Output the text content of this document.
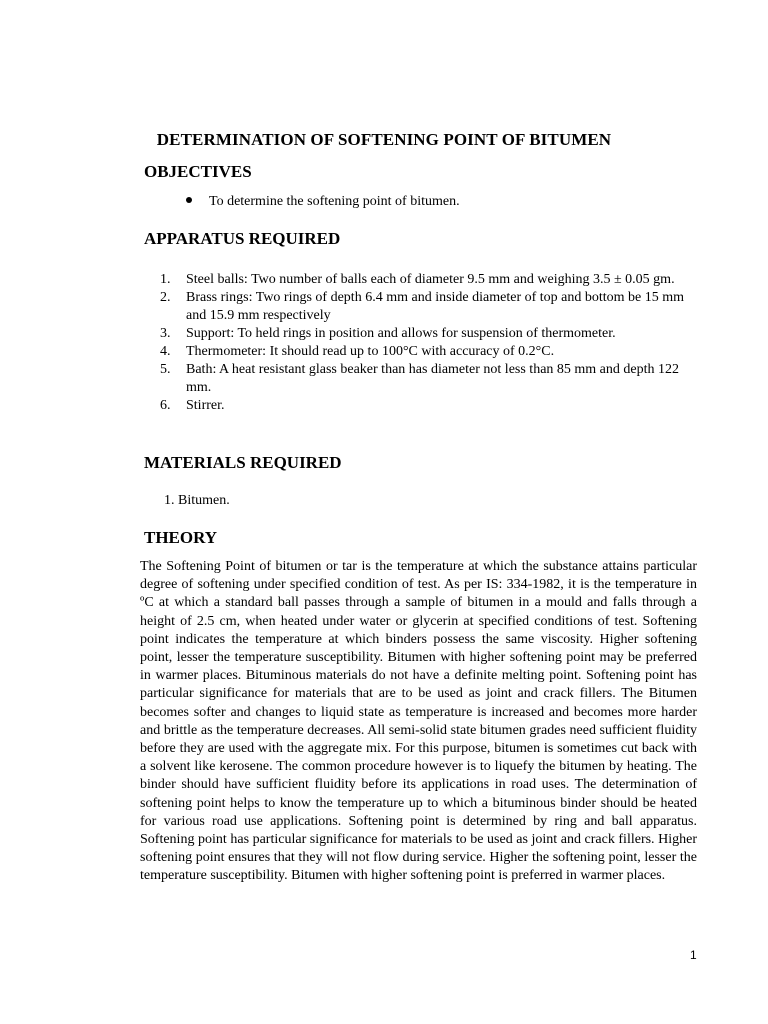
DETERMINATION OF SOFTENING POINT OF BITUMEN
OBJECTIVES
To determine the softening point of bitumen.
APPARATUS REQUIRED
1. Steel balls: Two number of balls each of diameter 9.5 mm and weighing 3.5 ± 0.05 gm.
2. Brass rings: Two rings of depth 6.4 mm and inside diameter of top and bottom be 15 mm and 15.9 mm respectively
3. Support: To held rings in position and allows for suspension of thermometer.
4. Thermometer: It should read up to 100°C with accuracy of 0.2°C.
5. Bath: A heat resistant glass beaker than has diameter not less than 85 mm and depth 122 mm.
6. Stirrer.
MATERIALS REQUIRED
1. Bitumen.
THEORY

The Softening Point of bitumen or tar is the temperature at which the substance attains particular degree of softening under specified condition of test. As per IS: 334-1982, it is the temperature in ºC at which a standard ball passes through a sample of bitumen in a mould and falls through a height of 2.5 cm, when heated under water or glycerin at specified conditions of test. Softening point indicates the temperature at which binders possess the same viscosity. Higher softening point, lesser the temperature susceptibility. Bitumen with higher softening point may be preferred in warmer places. Bituminous materials do not have a definite melting point. Softening point has particular significance for materials that are to be used as joint and crack fillers. The Bitumen becomes softer and changes to liquid state as temperature is increased and becomes more harder and brittle as the temperature decreases. All semi-solid state bitumen grades need sufficient fluidity before they are used with the aggregate mix. For this purpose, bitumen is sometimes cut back with a solvent like kerosene. The common procedure however is to liquefy the bitumen by heating. The binder should have sufficient fluidity before its applications in road uses. The determination of softening point helps to know the temperature up to which a bituminous binder should be heated for various road use applications. Softening point is determined by ring and ball apparatus. Softening point has particular significance for materials to be used as joint and crack fillers. Higher softening point ensures that they will not flow during service. Higher the softening point, lesser the temperature susceptibility. Bitumen with higher softening point is preferred in warmer places.

1
